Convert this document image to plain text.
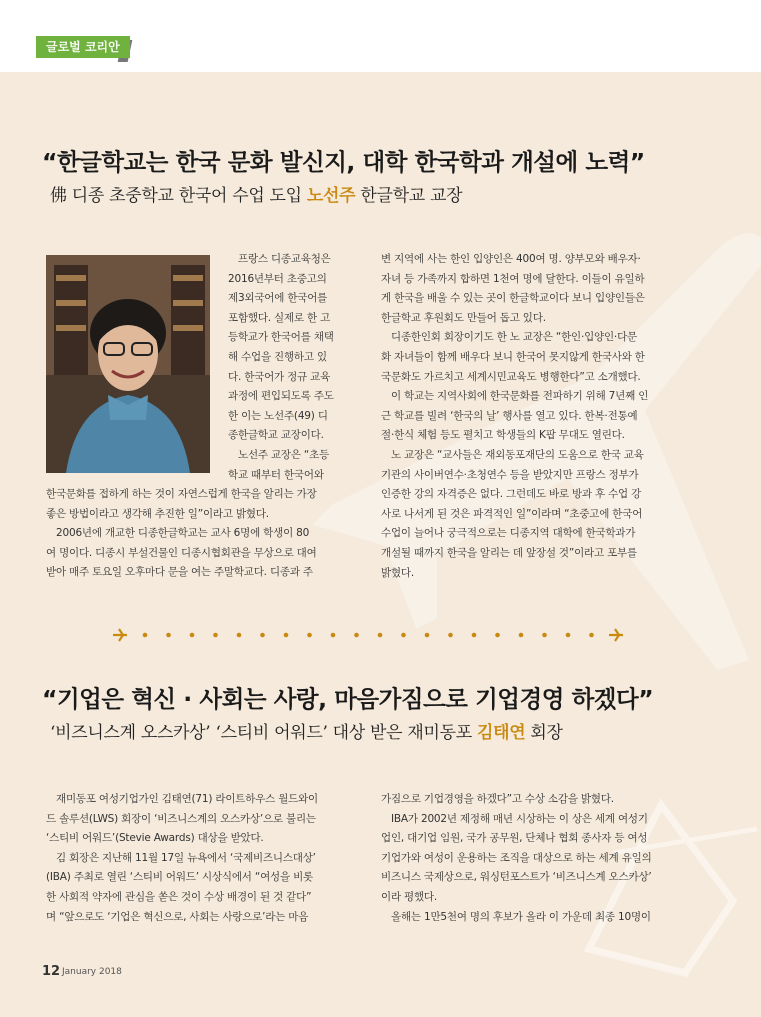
글로벌 코리안
“한글학교는 한국 문화 발신지, 대학 한국학과 개설에 노력”
佛 디종 초중학교 한국어 수업 도입 노선주 한글학교 교장
프랑스 디종교육청은
2016년부터 초중고의
제3외국어에 한국어를
포함했다. 실제로 한 고
등학교가 한국어를 채택
해 수업을 진행하고 있
다. 한국어가 정규 교육
과정에 편입되도록 주도
한 이는 노선주(49) 디
종한글학교 교장이다.
노선주 교장은 “초등
학교 때부터 한국어와
한국문화를 접하게 하는 것이 자연스럽게 한국을 알리는 가장
좋은 방법이라고 생각해 추진한 일”이라고 밝혔다.
2006년에 개교한 디종한글학교는 교사 6명에 학생이 80
여 명이다. 디종시 부설건물인 디종시협회관을 무상으로 대여
받아 매주 토요일 오후마다 문을 여는 주말학교다. 디종과 주
변 지역에 사는 한인 입양인은 400여 명. 양부모와 배우자·
자녀 등 가족까지 합하면 1천여 명에 달한다. 이들이 유일하
게 한국을 배울 수 있는 곳이 한글학교이다 보니 입양인들은
한글학교 후원회도 만들어 돕고 있다.
디종한인회 회장이기도 한 노 교장은 “한인·입양인·다문
화 자녀들이 함께 배우다 보니 한국어 못지않게 한국사와 한
국문화도 가르치고 세계시민교육도 병행한다”고 소개했다.
이 학교는 지역사회에 한국문화를 전파하기 위해 7년째 인
근 학교를 빌려 ‘한국의 날’ 행사를 열고 있다. 한복·전통예
절·한식 체험 등도 펼치고 학생들의 K팝 무대도 열린다.
노 교장은 “교사들은 재외동포재단의 도움으로 한국 교육
기관의 사이버연수·초청연수 등을 받았지만 프랑스 정부가
인증한 강의 자격증은 없다. 그런데도 바로 방과 후 수업 강
사로 나서게 된 것은 파격적인 일”이라며 “초중고에 한국어
수업이 늘어나 궁극적으로는 디종지역 대학에 한국학과가
개설될 때까지 한국을 알리는 데 앞장설 것”이라고 포부를
밝혔다.
“기업은 혁신 · 사회는 사랑, 마음가짐으로 기업경영 하겠다”
‘비즈니스계 오스카상’ ‘스티비 어워드’ 대상 받은 재미동포 김태연 회장
재미동포 여성기업가인 김태연(71) 라이트하우스 월드와이
드 솔루션(LWS) 회장이 ‘비즈니스계의 오스카상’으로 불리는
‘스티비 어워드’(Stevie Awards) 대상을 받았다.
김 회장은 지난해 11월 17일 뉴욕에서 ‘국제비즈니스대상’
(IBA) 주최로 열린 ‘스티비 어워드’ 시상식에서 “여성을 비롯
한 사회적 약자에 관심을 쏟은 것이 수상 배경이 된 것 같다”
며 “앞으로도 ‘기업은 혁신으로, 사회는 사랑으로’라는 마음
가짐으로 기업경영을 하겠다”고 수상 소감을 밝혔다.
IBA가 2002년 제정해 매년 시상하는 이 상은 세계 여성기
업인, 대기업 임원, 국가 공무원, 단체나 협회 종사자 등 여성
기업가와 여성이 운용하는 조직을 대상으로 하는 세계 유일의
비즈니스 국제상으로, 워싱턴포스트가 ‘비즈니스계 오스카상’
이라 평했다.
올해는 1만5천여 명의 후보가 올라 이 가운데 최종 10명이
12 January 2018
